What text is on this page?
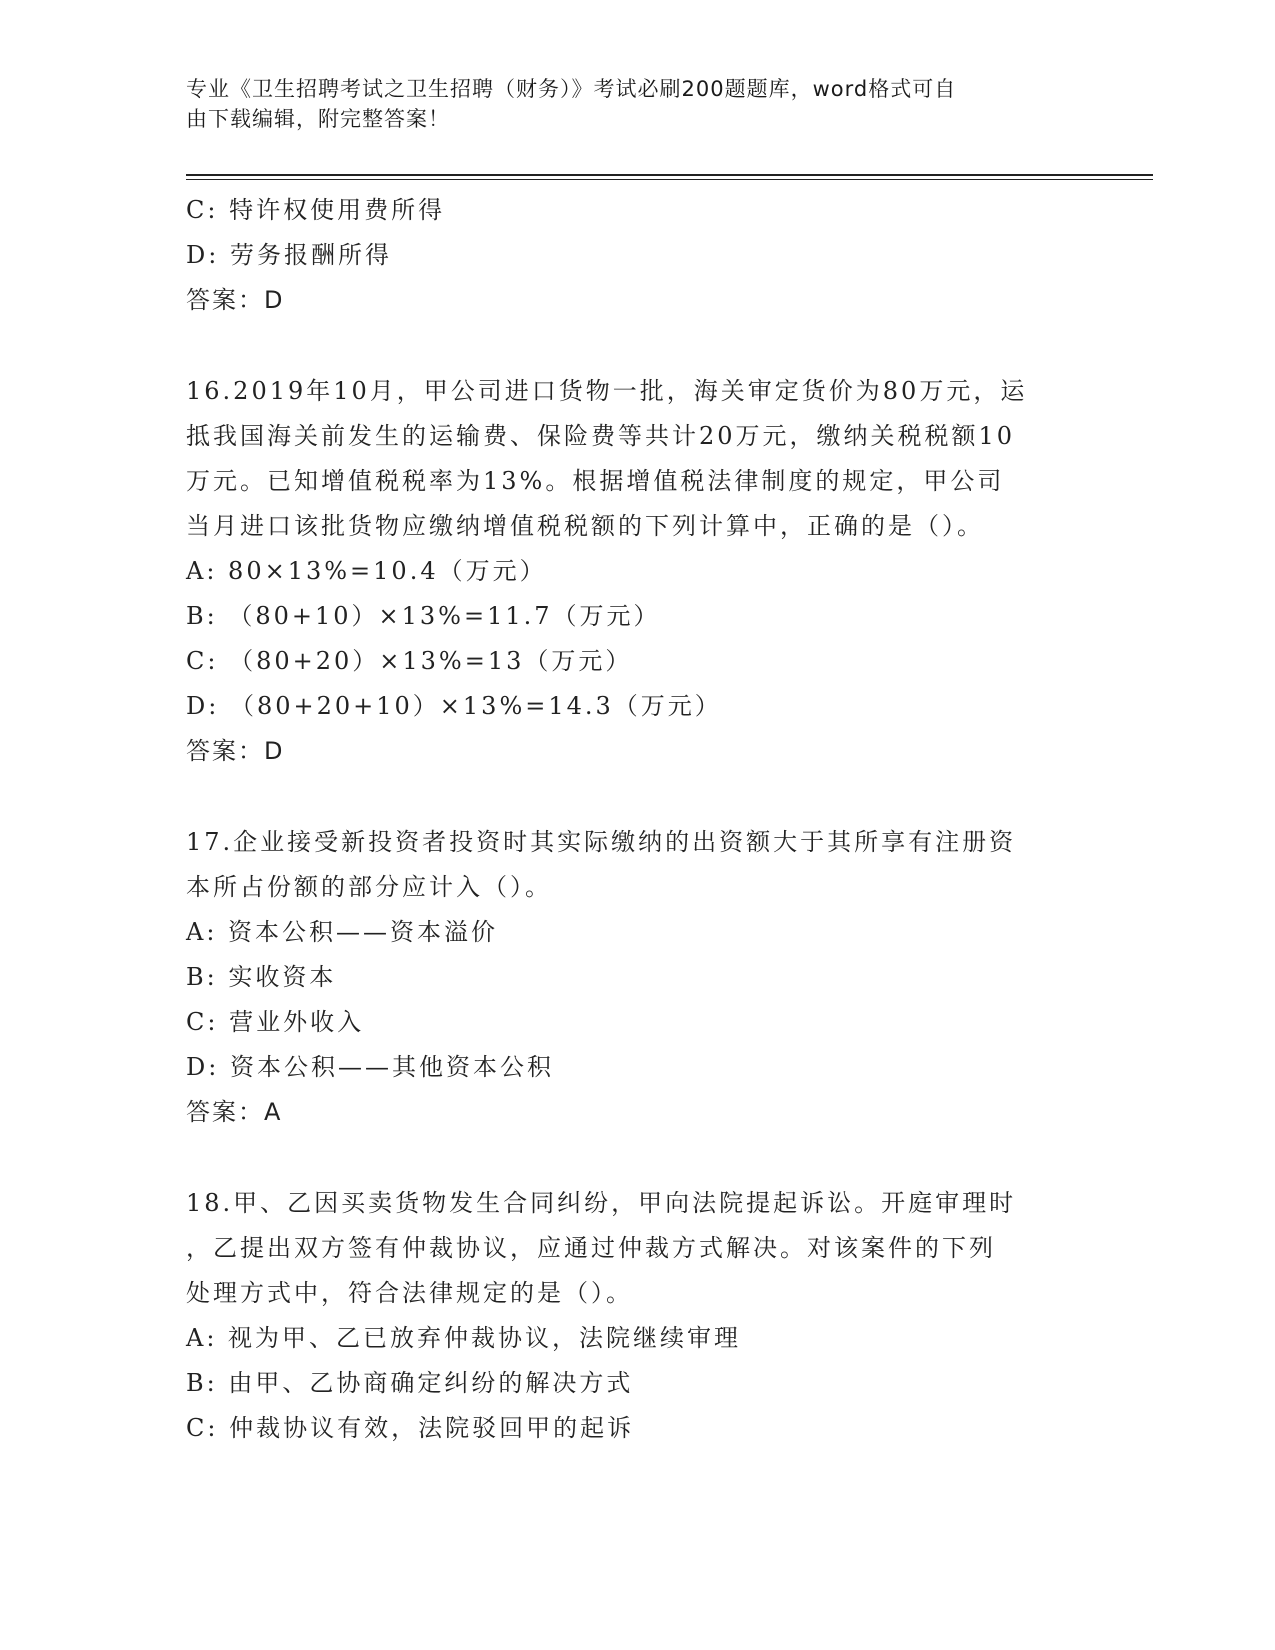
专业《卫生招聘考试之卫生招聘（财务）》考试必刷200题题库，word格式可自
由下载编辑，附完整答案！
C: 特许权使用费所得
D: 劳务报酬所得
答案：D
16.2019年10月，甲公司进口货物一批，海关审定货价为80万元，运
抵我国海关前发生的运输费、保险费等共计20万元，缴纳关税税额10
万元。已知增值税税率为13%。根据增值税法律制度的规定，甲公司
当月进口该批货物应缴纳增值税税额的下列计算中，正确的是（）。
A: 80×13%=10.4（万元）
B: （80+10）×13%=11.7（万元）
C: （80+20）×13%=13（万元）
D: （80+20+10）×13%=14.3（万元）
答案：D
17.企业接受新投资者投资时其实际缴纳的出资额大于其所享有注册资
本所占份额的部分应计入（）。
A: 资本公积——资本溢价
B: 实收资本
C: 营业外收入
D: 资本公积——其他资本公积
答案：A
18.甲、乙因买卖货物发生合同纠纷，甲向法院提起诉讼。开庭审理时
，乙提出双方签有仲裁协议，应通过仲裁方式解决。对该案件的下列
处理方式中，符合法律规定的是（）。
A: 视为甲、乙已放弃仲裁协议，法院继续审理
B: 由甲、乙协商确定纠纷的解决方式
C: 仲裁协议有效，法院驳回甲的起诉
